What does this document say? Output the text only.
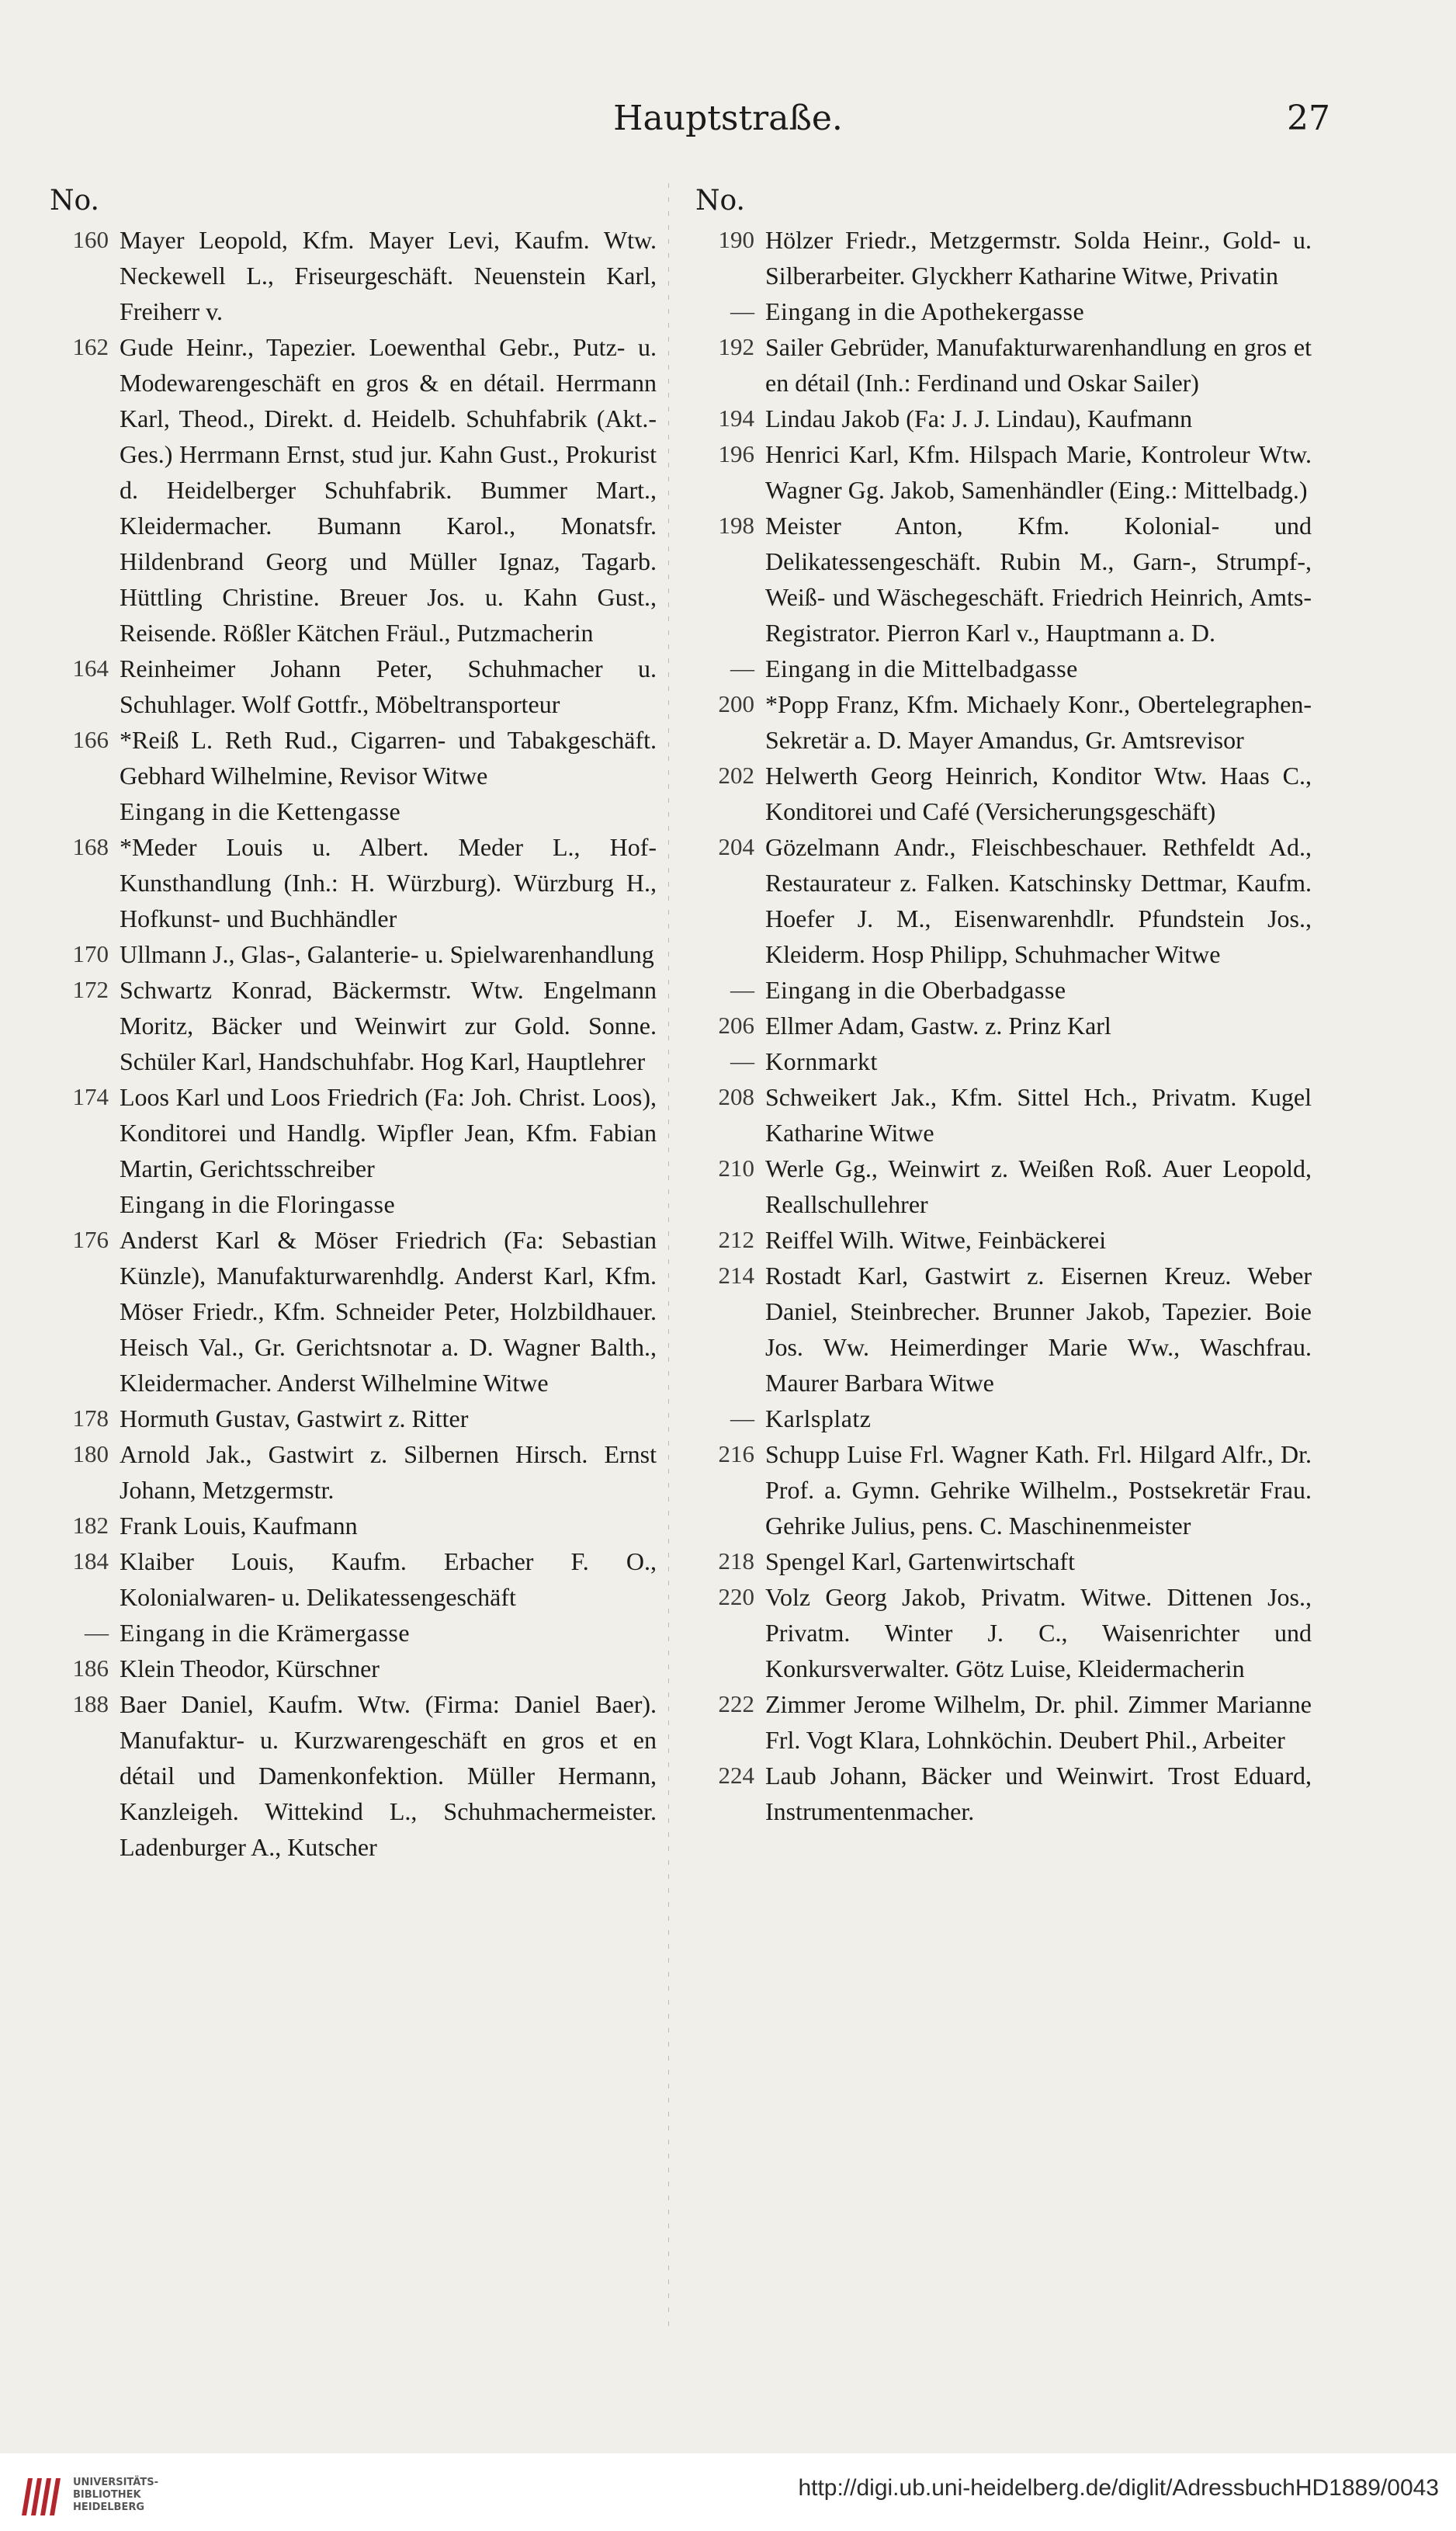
Hauptstraße.	27
No.
160 Mayer Leopold, Kfm. Mayer Levi, Kaufm. Wtw. Neckewell L., Friseurgeschäft. Neuenstein Karl, Freiherr v.
162 Gude Heinr., Tapezier. Loewenthal Gebr., Putz- u. Modewarengeschäft en gros & en détail. Herrmann Karl, Theod., Direkt. d. Heidelb. Schuhfabrik (Akt.-Ges.) Herrmann Ernst, stud jur. Kahn Gust., Prokurist d. Heidelberger Schuhfabrik. Bummer Mart., Kleidermacher. Bumann Karol., Monatsfr. Hildenbrand Georg und Müller Ignaz, Tagarb. Hüttling Christine. Breuer Jos. u. Kahn Gust., Reisende. Rößler Kätchen Fräul., Putzmacherin
164 Reinheimer Johann Peter, Schuhmacher u. Schuhlager. Wolf Gottfr., Möbeltransporteur
166 *Reiß L. Reth Rud., Cigarren- und Tabakgeschäft. Gebhard Wilhelmine, Revisor Witwe
Eingang in die Kettengasse
168 *Meder Louis u. Albert. Meder L., Hof-Kunsthandlung (Inh.: H. Würzburg). Würzburg H., Hofkunst- und Buchhändler
170 Ullmann J., Glas-, Galanterie- u. Spielwarenhandlung
172 Schwartz Konrad, Bäckermstr. Wtw. Engelmann Moritz, Bäcker und Weinwirt zur Gold. Sonne. Schüler Karl, Handschuhfabr. Hog Karl, Hauptlehrer
174 Loos Karl und Loos Friedrich (Fa: Joh. Christ. Loos), Konditorei und Handlg. Wipfler Jean, Kfm. Fabian Martin, Gerichtsschreiber
Eingang in die Floringasse
176 Anderst Karl & Möser Friedrich (Fa: Sebastian Künzle), Manufakturwarenhdlg. Anderst Karl, Kfm. Möser Friedr., Kfm. Schneider Peter, Holzbildhauer. Heisch Val., Gr. Gerichtsnotar a. D. Wagner Balth., Kleidermacher. Anderst Wilhelmine Witwe
178 Hormuth Gustav, Gastwirt z. Ritter
180 Arnold Jak., Gastwirt z. Silbernen Hirsch. Ernst Johann, Metzgermstr.
182 Frank Louis, Kaufmann
184 Klaiber Louis, Kaufm. Erbacher F. O., Kolonialwaren- u. Delikatessengeschäft
— Eingang in die Krämergasse
186 Klein Theodor, Kürschner
188 Baer Daniel, Kaufm. Wtw. (Firma: Daniel Baer). Manufaktur- u. Kurzwarengeschäft en gros et en détail und Damenkonfektion. Müller Hermann, Kanzleigeh. Wittekind L., Schuhmachermeister. Ladenburger A., Kutscher
No.
190 Hölzer Friedr., Metzgermstr. Solda Heinr., Gold- u. Silberarbeiter. Glyckherr Katharine Witwe, Privatin
— Eingang in die Apothekergasse
192 Sailer Gebrüder, Manufakturwarenhandlung en gros et en détail (Inh.: Ferdinand und Oskar Sailer)
194 Lindau Jakob (Fa: J. J. Lindau), Kaufmann
196 Henrici Karl, Kfm. Hilspach Marie, Kontroleur Wtw. Wagner Gg. Jakob, Samenhändler (Eing.: Mittelbadg.)
198 Meister Anton, Kfm. Kolonial- und Delikatessengeschäft. Rubin M., Garn-, Strumpf-, Weiß- und Wäschegeschäft. Friedrich Heinrich, Amts-Registrator. Pierron Karl v., Hauptmann a. D.
— Eingang in die Mittelbadgasse
200 *Popp Franz, Kfm. Michaely Konr., Obertelegraphen-Sekretär a. D. Mayer Amandus, Gr. Amtsrevisor
202 Helwerth Georg Heinrich, Konditor Wtw. Haas C., Konditorei und Café (Versicherungsgeschäft)
204 Gözelmann Andr., Fleischbeschauer. Rethfeldt Ad., Restaurateur z. Falken. Katschinsky Dettmar, Kaufm. Hoefer J. M., Eisenwarenhdlr. Pfundstein Jos., Kleiderm. Hosp Philipp, Schuhmacher Witwe
— Eingang in die Oberbadgasse
206 Ellmer Adam, Gastw. z. Prinz Karl
— Kornmarkt
208 Schweikert Jak., Kfm. Sittel Hch., Privatm. Kugel Katharine Witwe
210 Werle Gg., Weinwirt z. Weißen Roß. Auer Leopold, Reallschullehrer
212 Reiffel Wilh. Witwe, Feinbäckerei
214 Rostadt Karl, Gastwirt z. Eisernen Kreuz. Weber Daniel, Steinbrecher. Brunner Jakob, Tapezier. Boie Jos. Ww. Heimerdinger Marie Ww., Waschfrau. Maurer Barbara Witwe
— Karlsplatz
216 Schupp Luise Frl. Wagner Kath. Frl. Hilgard Alfr., Dr. Prof. a. Gymn. Gehrike Wilhelm., Postsekretär Frau. Gehrike Julius, pens. C. Maschinenmeister
218 Spengel Karl, Gartenwirtschaft
220 Volz Georg Jakob, Privatm. Witwe. Dittenen Jos., Privatm. Winter J. C., Waisenrichter und Konkursverwalter. Götz Luise, Kleidermacherin
222 Zimmer Jerome Wilhelm, Dr. phil. Zimmer Marianne Frl. Vogt Klara, Lohnköchin. Deubert Phil., Arbeiter
224 Laub Johann, Bäcker und Weinwirt. Trost Eduard, Instrumentenmacher.
UNIVERSITÄTS-
BIBLIOTHEK
HEIDELBERG
http://digi.ub.uni-heidelberg.de/diglit/AdressbuchHD1889/0043
